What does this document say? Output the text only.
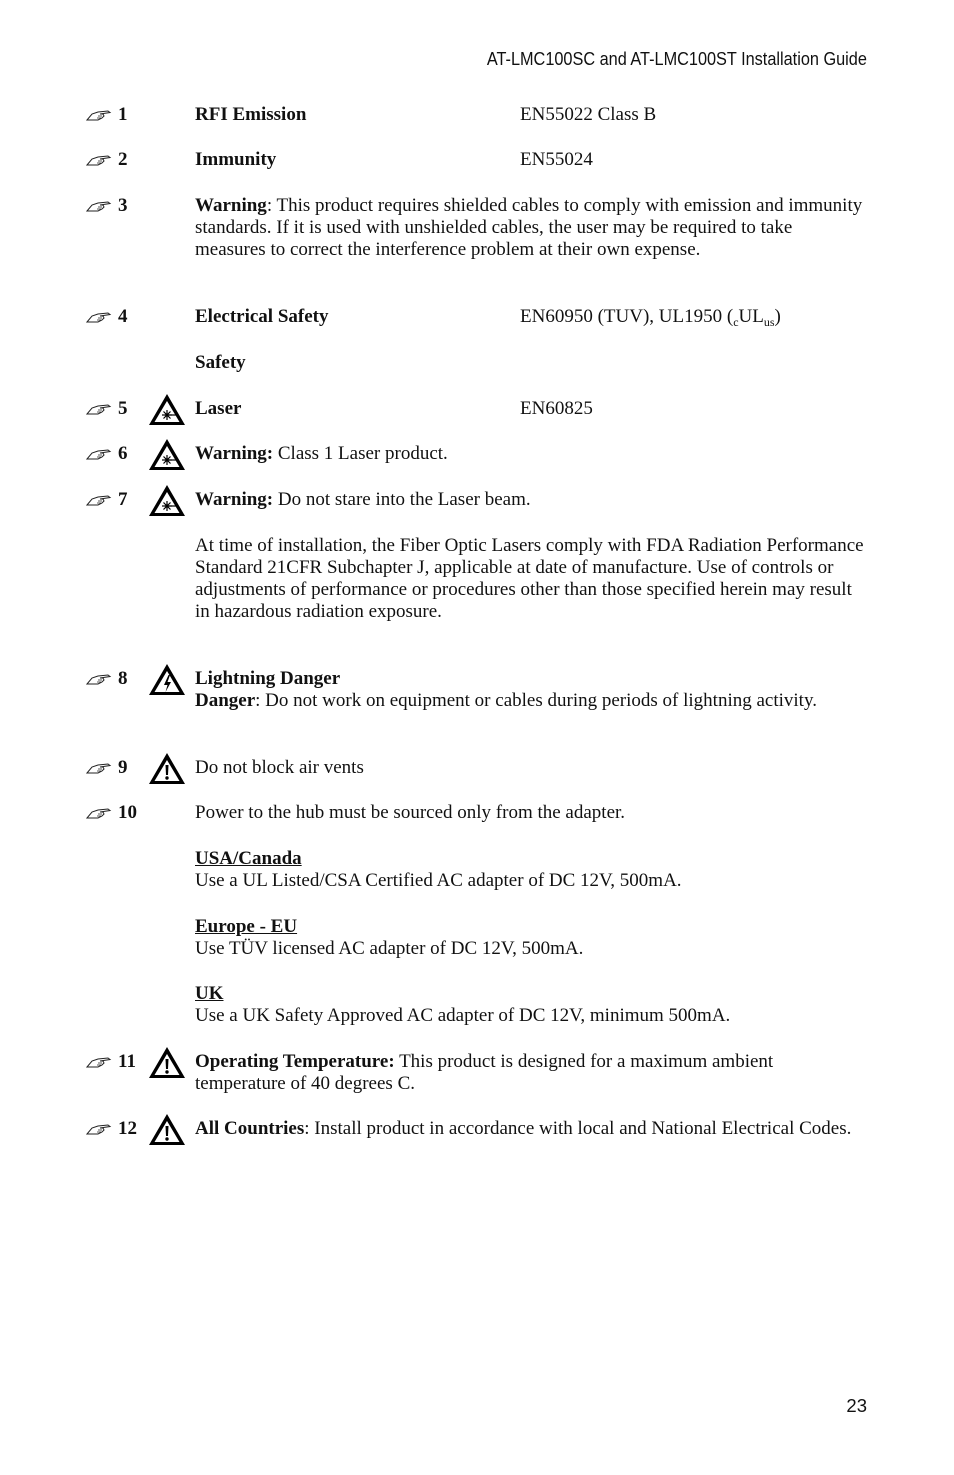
AT-LMC100SC and AT-LMC100ST Installation Guide
1	RFI Emission	EN55022 Class B
2	Immunity	EN55024
3	Warning: This product requires shielded cables to comply with emission and immunity standards. If it is used with unshielded cables, the user may be required to take measures to correct the interference problem at their own expense.
4	Electrical Safety	EN60950 (TUV), UL1950 $(_cUL_{us})$
Safety
5	Laser	EN60825
6	Warning: Class 1 Laser product.
7	Warning: Do not stare into the Laser beam.
At time of installation, the Fiber Optic Lasers comply with FDA Radiation Performance Standard 21CFR Subchapter J, applicable at date of manufacture. Use of controls or adjustments of performance or procedures other than those specified herein may result in hazardous radiation exposure.
8	Lightning Danger
Danger: Do not work on equipment or cables during periods of lightning activity.
9	Do not block air vents
10	Power to the hub must be sourced only from the adapter.
USA/Canada
Use a UL Listed/CSA Certified AC adapter of DC 12V, 500mA.
Europe - EU
Use TÜV licensed AC adapter of DC 12V, 500mA.
UK
Use a UK Safety Approved AC adapter of DC 12V, minimum 500mA.
11	Operating Temperature: This product is designed for a maximum ambient temperature of 40 degrees C.
12	All Countries: Install product in accordance with local and National Electrical Codes.
23
